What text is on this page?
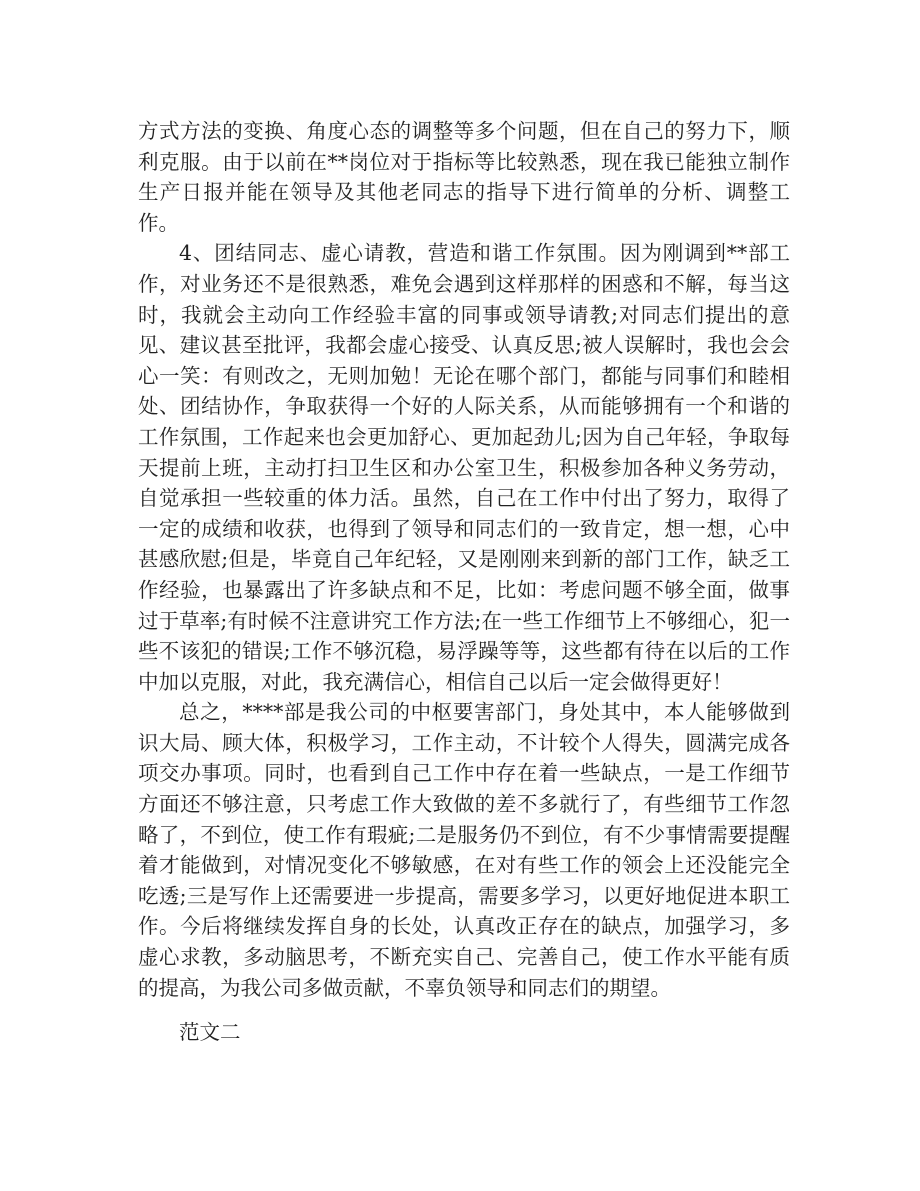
方式方法的变换、角度心态的调整等多个问题，但在自己的努力下，顺利克服。由于以前在**岗位对于指标等比较熟悉，现在我已能独立制作生产日报并能在领导及其他老同志的指导下进行简单的分析、调整工作。

4、团结同志、虚心请教，营造和谐工作氛围。因为刚调到**部工作，对业务还不是很熟悉，难免会遇到这样那样的困惑和不解，每当这时，我就会主动向工作经验丰富的同事或领导请教;对同志们提出的意见、建议甚至批评，我都会虚心接受、认真反思;被人误解时，我也会会心一笑：有则改之，无则加勉！无论在哪个部门，都能与同事们和睦相处、团结协作，争取获得一个好的人际关系，从而能够拥有一个和谐的工作氛围，工作起来也会更加舒心、更加起劲儿;因为自己年轻，争取每天提前上班，主动打扫卫生区和办公室卫生，积极参加各种义务劳动，自觉承担一些较重的体力活。虽然，自己在工作中付出了努力，取得了一定的成绩和收获，也得到了领导和同志们的一致肯定，想一想，心中甚感欣慰;但是，毕竟自己年纪轻，又是刚刚来到新的部门工作，缺乏工作经验，也暴露出了许多缺点和不足，比如：考虑问题不够全面，做事过于草率;有时候不注意讲究工作方法;在一些工作细节上不够细心，犯一些不该犯的错误;工作不够沉稳，易浮躁等等，这些都有待在以后的工作中加以克服，对此，我充满信心，相信自己以后一定会做得更好！

总之，****部是我公司的中枢要害部门，身处其中，本人能够做到识大局、顾大体，积极学习，工作主动，不计较个人得失，圆满完成各项交办事项。同时，也看到自己工作中存在着一些缺点，一是工作细节方面还不够注意，只考虑工作大致做的差不多就行了，有些细节工作忽略了，不到位，使工作有瑕疵;二是服务仍不到位，有不少事情需要提醒着才能做到，对情况变化不够敏感，在对有些工作的领会上还没能完全吃透;三是写作上还需要进一步提高，需要多学习，以更好地促进本职工作。今后将继续发挥自身的长处，认真改正存在的缺点，加强学习，多虚心求教，多动脑思考，不断充实自己、完善自己，使工作水平能有质的提高，为我公司多做贡献，不辜负领导和同志们的期望。

范文二
